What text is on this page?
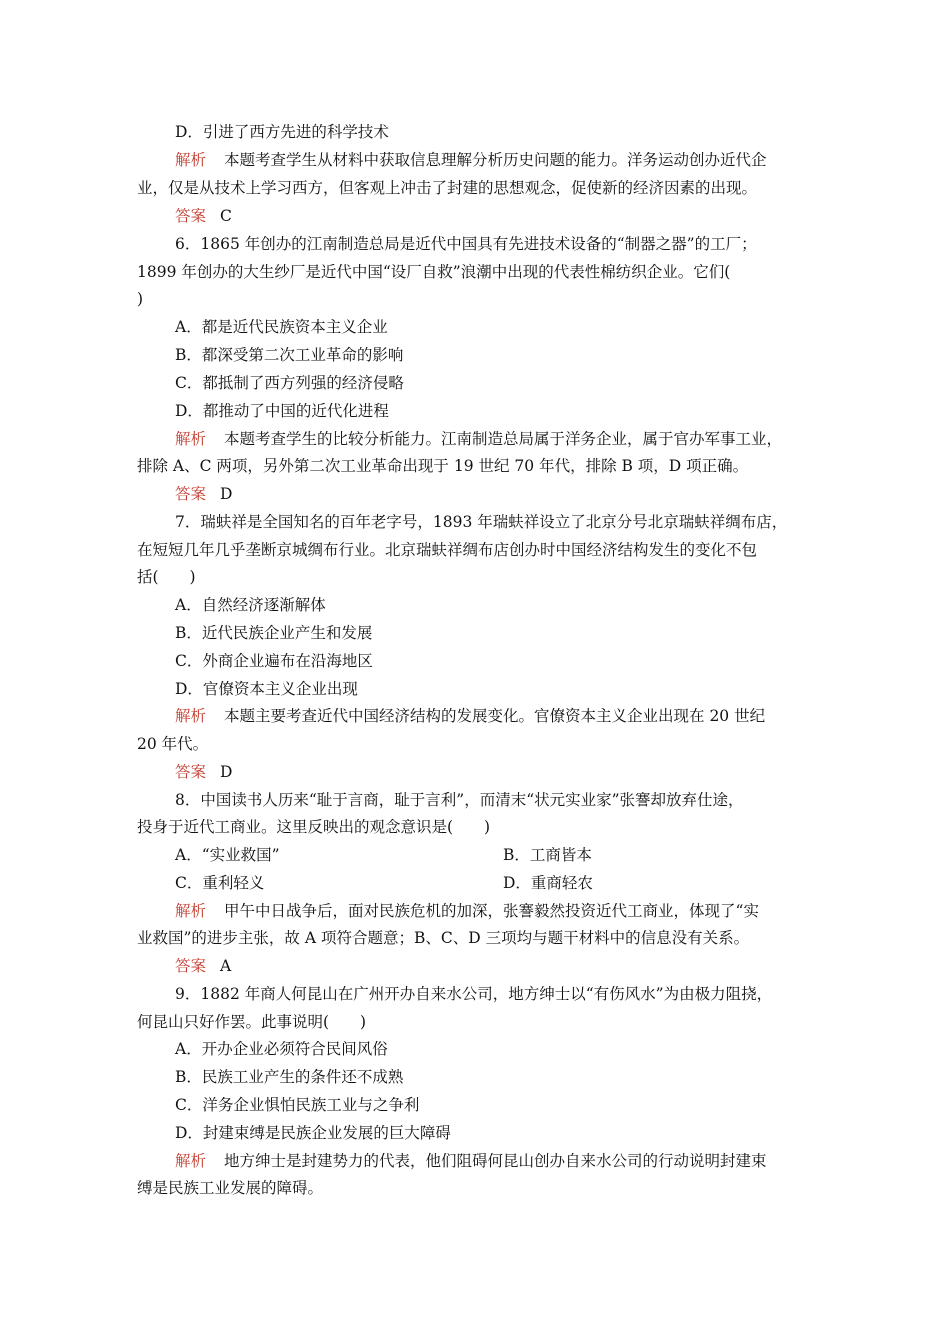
D．引进了西方先进的科学技术
解析 本题考查学生从材料中获取信息理解分析历史问题的能力。洋务运动创办近代企
业，仅是从技术上学习西方，但客观上冲击了封建的思想观念，促使新的经济因素的出现。
答案 C
6．1865 年创办的江南制造总局是近代中国具有先进技术设备的“制器之器”的工厂；
1899 年创办的大生纱厂是近代中国“设厂自救”浪潮中出现的代表性棉纺织企业。它们(
)
A．都是近代民族资本主义企业
B．都深受第二次工业革命的影响
C．都抵制了西方列强的经济侵略
D．都推动了中国的近代化进程
解析 本题考查学生的比较分析能力。江南制造总局属于洋务企业，属于官办军事工业，
排除 A、C 两项，另外第二次工业革命出现于 19 世纪 70 年代，排除 B 项，D 项正确。
答案 D
7．瑞蚨祥是全国知名的百年老字号，1893 年瑞蚨祥设立了北京分号北京瑞蚨祥绸布店，
在短短几年几乎垄断京城绸布行业。北京瑞蚨祥绸布店创办时中国经济结构发生的变化不包
括(　　)
A．自然经济逐渐解体
B．近代民族企业产生和发展
C．外商企业遍布在沿海地区
D．官僚资本主义企业出现
解析 本题主要考查近代中国经济结构的发展变化。官僚资本主义企业出现在 20 世纪
20 年代。
答案 D
8．中国读书人历来“耻于言商，耻于言利”，而清末“状元实业家”张謇却放弃仕途，
投身于近代工商业。这里反映出的观念意识是(　　)
A．“实业救国”	B．工商皆本
C．重利轻义	D．重商轻农
解析 甲午中日战争后，面对民族危机的加深，张謇毅然投资近代工商业，体现了“实
业救国”的进步主张，故 A 项符合题意；B、C、D 三项均与题干材料中的信息没有关系。
答案 A
9．1882 年商人何昆山在广州开办自来水公司，地方绅士以“有伤风水”为由极力阻挠，
何昆山只好作罢。此事说明(　　)
A．开办企业必须符合民间风俗
B．民族工业产生的条件还不成熟
C．洋务企业惧怕民族工业与之争利
D．封建束缚是民族企业发展的巨大障碍
解析 地方绅士是封建势力的代表，他们阻碍何昆山创办自来水公司的行动说明封建束
缚是民族工业发展的障碍。
